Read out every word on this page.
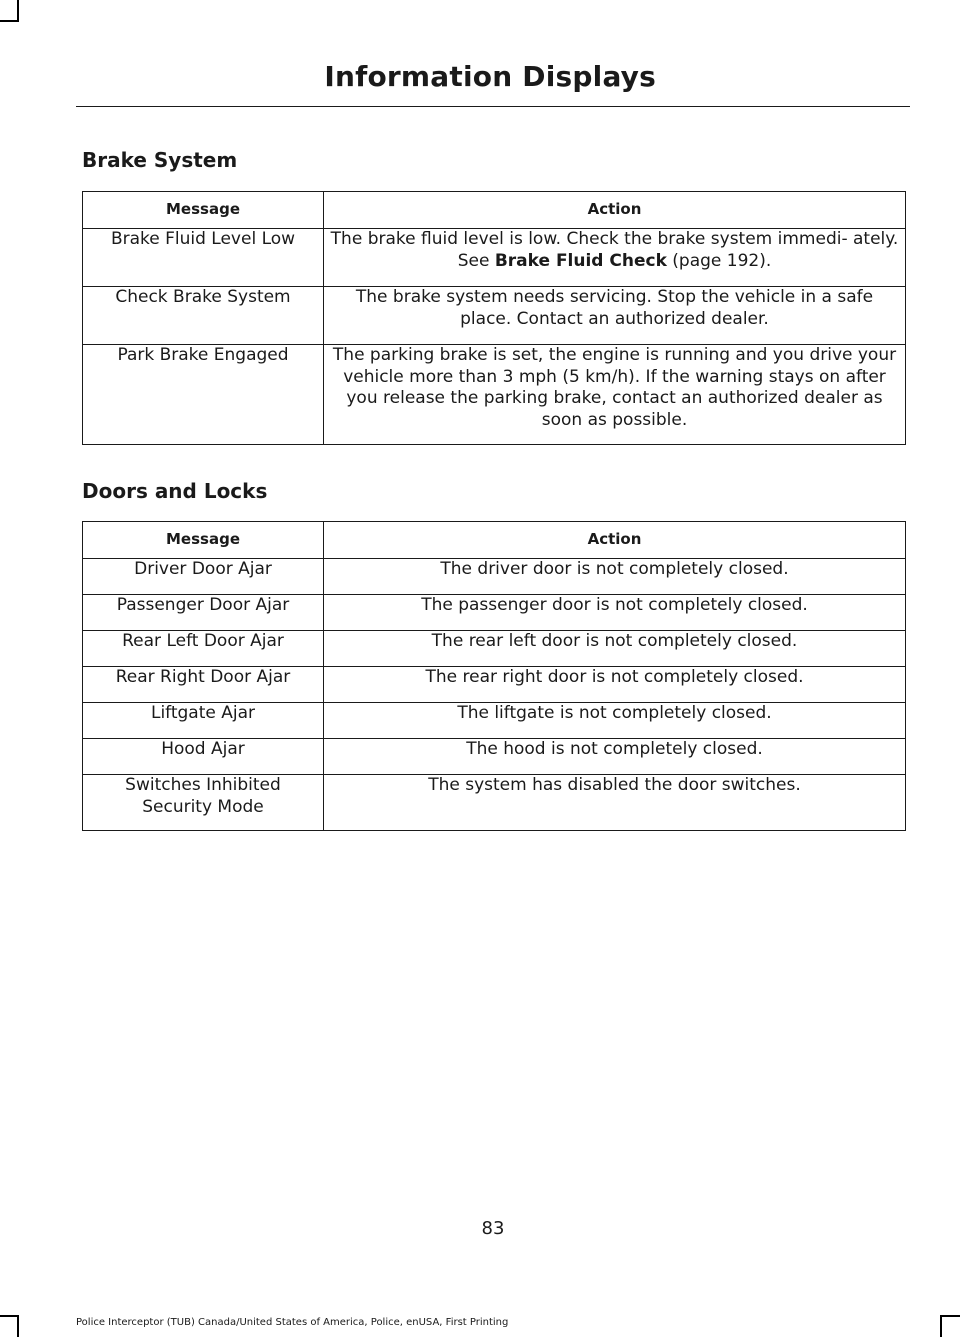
Information Displays
Brake System
Message	Action
Brake Fluid Level Low	The brake fluid level is low. Check the brake system immedi- ately. See Brake Fluid Check (page 192).
Check Brake System	The brake system needs servicing. Stop the vehicle in a safe place. Contact an authorized dealer.
Park Brake Engaged	The parking brake is set, the engine is running and you drive your vehicle more than 3 mph (5 km/h). If the warning stays on after you release the parking brake, contact an authorized dealer as soon as possible.
Doors and Locks
Message	Action
Driver Door Ajar	The driver door is not completely closed.
Passenger Door Ajar	The passenger door is not completely closed.
Rear Left Door Ajar	The rear left door is not completely closed.
Rear Right Door Ajar	The rear right door is not completely closed.
Liftgate Ajar	The liftgate is not completely closed.
Hood Ajar	The hood is not completely closed.

Switches Inhibited
Security Mode	The system has disabled the door switches.
83
Police Interceptor (TUB) Canada/United States of America, Police, enUSA, First Printing
